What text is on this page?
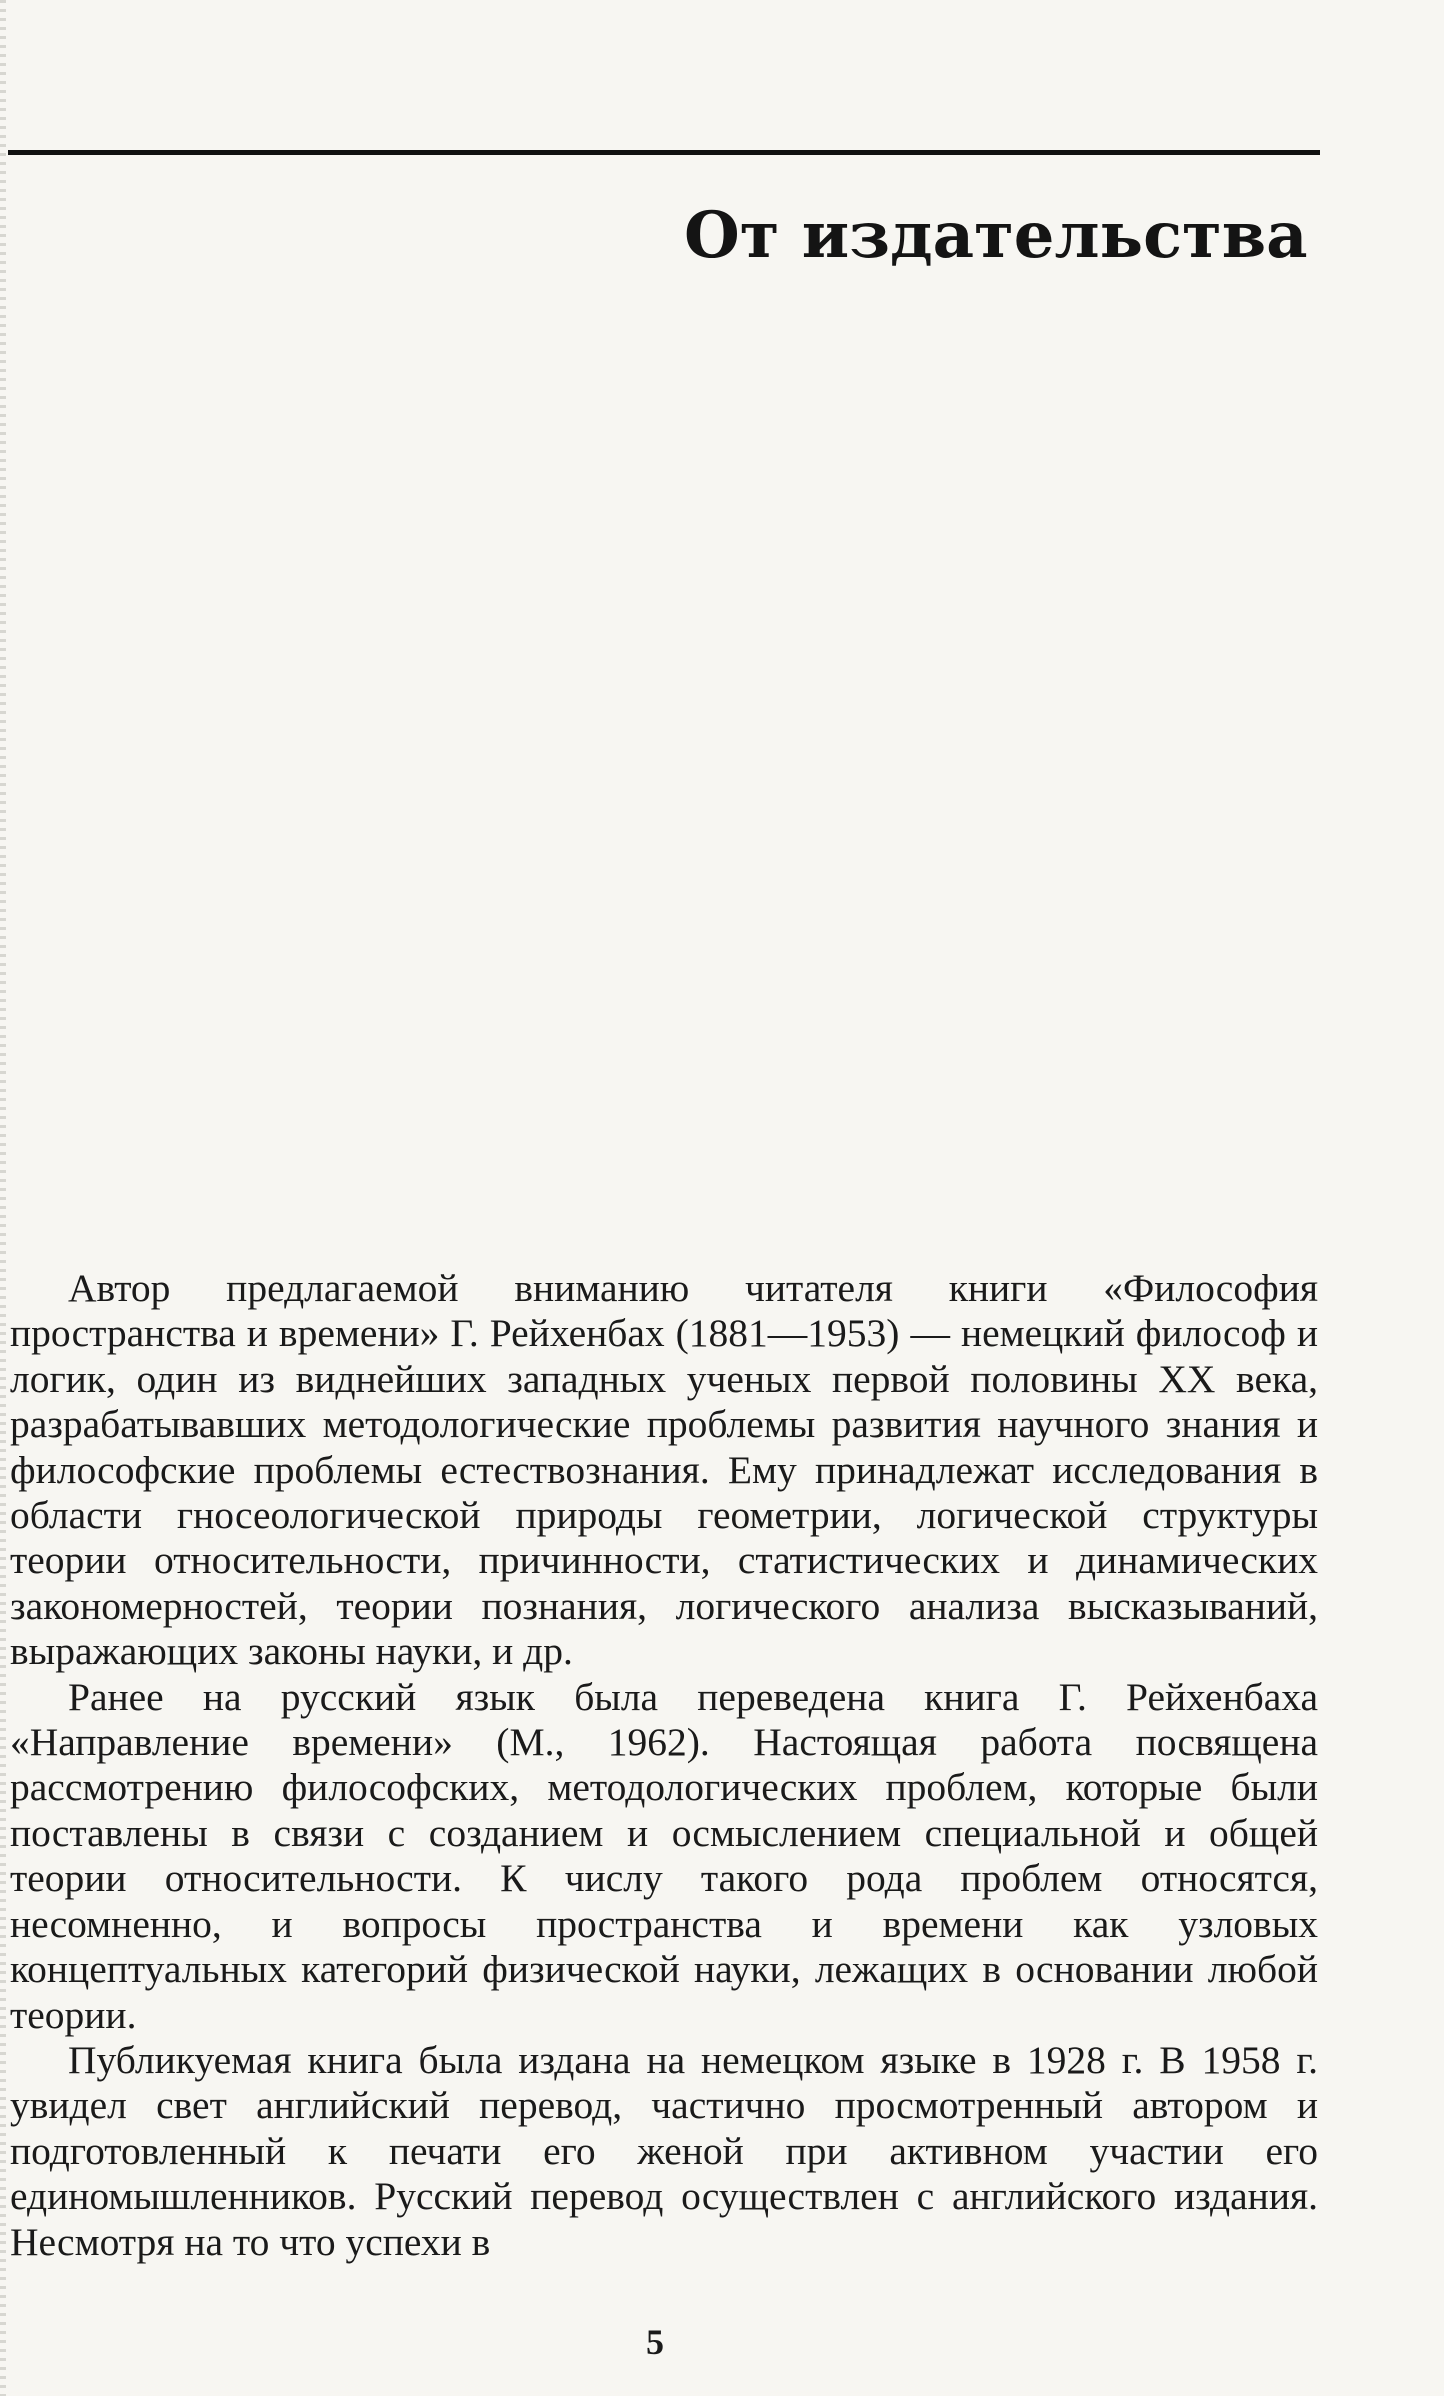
От издательства

Автор предлагаемой вниманию читателя книги «Философия пространства и времени» Г. Рейхенбах (1881—1953) — немецкий философ и логик, один из виднейших западных ученых первой половины XX века, разрабатывавших методологические проблемы развития научного знания и философские проблемы естествознания. Ему принадлежат исследования в области гносеологической природы геометрии, логической структуры теории относительности, причинности, статистических и динамических закономерностей, теории познания, логического анализа высказываний, выражающих законы науки, и др.

Ранее на русский язык была переведена книга Г. Рейхенбаха «Направление времени» (М., 1962). Настоящая работа посвящена рассмотрению философских, методологических проблем, которые были поставлены в связи с созданием и осмыслением специальной и общей теории относительности. К числу такого рода проблем относятся, несомненно, и вопросы пространства и времени как узловых концептуальных категорий физической науки, лежащих в основании любой теории.

Публикуемая книга была издана на немецком языке в 1928 г. В 1958 г. увидел свет английский перевод, частично просмотренный автором и подготовленный к печати его женой при активном участии его единомышленников. Русский перевод осуществлен с английского издания. Несмотря на то что успехи в

5
